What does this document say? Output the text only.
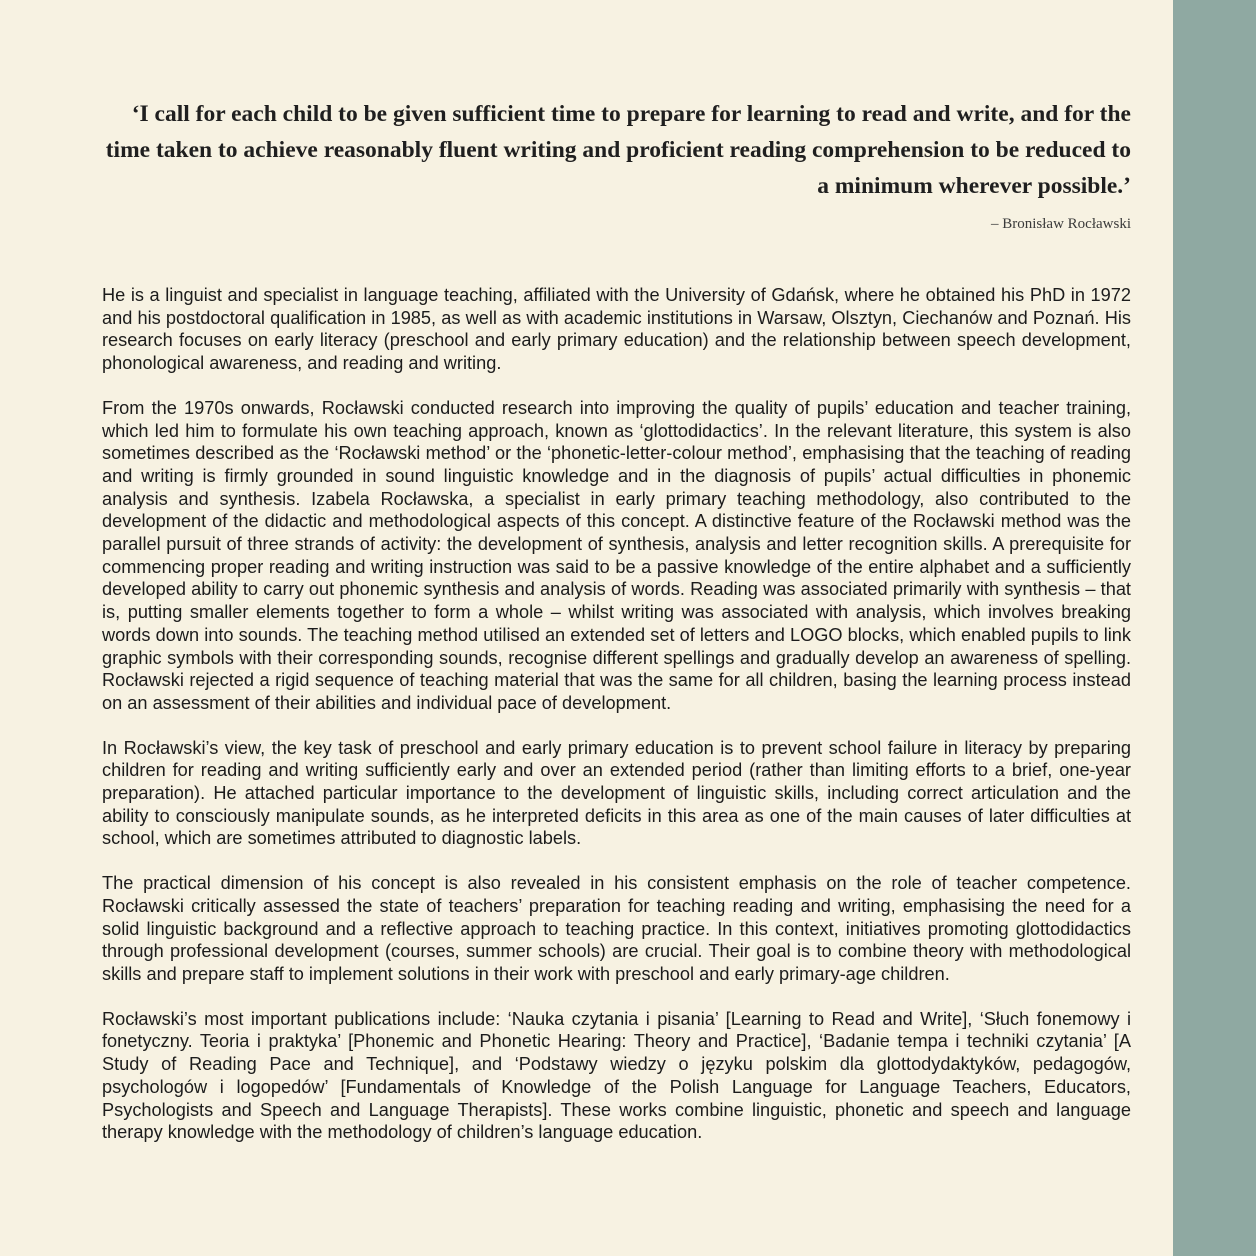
‘I call for each child to be given sufficient time to prepare for learning to read and write, and for the time taken to achieve reasonably fluent writing and proficient reading comprehension to be reduced to a minimum wherever possible.’

– Bronisław Rocławski

He is a linguist and specialist in language teaching, affiliated with the University of Gdańsk, where he obtained his PhD in 1972 and his postdoctoral qualification in 1985, as well as with academic institutions in Warsaw, Olsztyn, Ciechanów and Poznań. His research focuses on early literacy (preschool and early primary education) and the relationship between speech development, phonological awareness, and reading and writing.

From the 1970s onwards, Rocławski conducted research into improving the quality of pupils’ education and teacher training, which led him to formulate his own teaching approach, known as ‘glottodidactics’. In the relevant literature, this system is also sometimes described as the ‘Rocławski method’ or the ‘phonetic-letter-colour method’, emphasising that the teaching of reading and writing is firmly grounded in sound linguistic knowledge and in the diagnosis of pupils’ actual difficulties in phonemic analysis and synthesis. Izabela Rocławska, a specialist in early primary teaching methodology, also contributed to the development of the didactic and methodological aspects of this concept. A distinctive feature of the Rocławski method was the parallel pursuit of three strands of activity: the development of synthesis, analysis and letter recognition skills. A prerequisite for commencing proper reading and writing instruction was said to be a passive knowledge of the entire alphabet and a sufficiently developed ability to carry out phonemic synthesis and analysis of words. Reading was associated primarily with synthesis – that is, putting smaller elements together to form a whole – whilst writing was associated with analysis, which involves breaking words down into sounds. The teaching method utilised an extended set of letters and LOGO blocks, which enabled pupils to link graphic symbols with their corresponding sounds, recognise different spellings and gradually develop an awareness of spelling. Rocławski rejected a rigid sequence of teaching material that was the same for all children, basing the learning process instead on an assessment of their abilities and individual pace of development.

In Rocławski’s view, the key task of preschool and early primary education is to prevent school failure in literacy by preparing children for reading and writing sufficiently early and over an extended period (rather than limiting efforts to a brief, one-year preparation). He attached particular importance to the development of linguistic skills, including correct articulation and the ability to consciously manipulate sounds, as he interpreted deficits in this area as one of the main causes of later difficulties at school, which are sometimes attributed to diagnostic labels.

The practical dimension of his concept is also revealed in his consistent emphasis on the role of teacher competence. Rocławski critically assessed the state of teachers’ preparation for teaching reading and writing, emphasising the need for a solid linguistic background and a reflective approach to teaching practice. In this context, initiatives promoting glottodidactics through professional development (courses, summer schools) are crucial. Their goal is to combine theory with methodological skills and prepare staff to implement solutions in their work with preschool and early primary-age children.

Rocławski’s most important publications include: ‘Nauka czytania i pisania’ [Learning to Read and Write], ‘Słuch fonemowy i fonetyczny. Teoria i praktyka’ [Phonemic and Phonetic Hearing: Theory and Practice], ‘Badanie tempa i techniki czytania’ [A Study of Reading Pace and Technique], and ‘Podstawy wiedzy o języku polskim dla glottodydaktyków, pedagogów, psychologów i logopedów’ [Fundamentals of Knowledge of the Polish Language for Language Teachers, Educators, Psychologists and Speech and Language Therapists]. These works combine linguistic, phonetic and speech and language therapy knowledge with the methodology of children’s language education.
